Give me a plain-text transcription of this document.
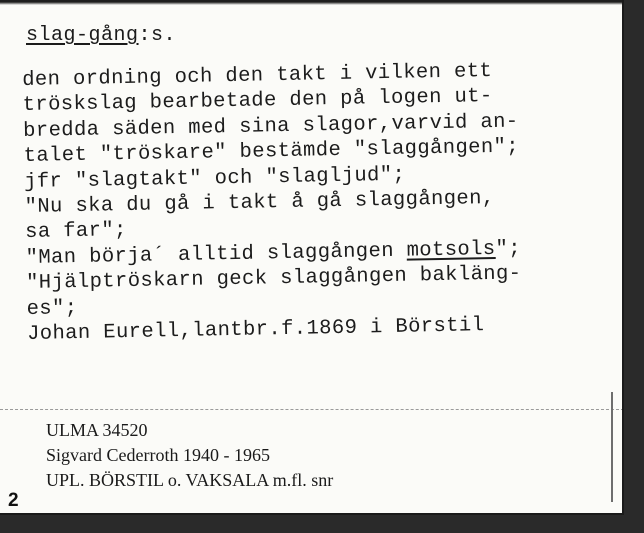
slag-gång:s.
den ordning och den takt i vilken ett
tröskslag bearbetade den på logen ut-
bredda säden med sina slagor,varvid an-
talet "tröskare" bestämde "slaggången";
jfr "slagtakt" och "slagljud";
"Nu ska du gå i takt å gå slaggången,
sa far";
"Man börja´ alltid slaggången motsols";
"Hjälptröskarn geck slaggången bakläng-
es";
Johan Eurell,lantbr.f.1869 i Börstil
ULMA 34520
Sigvard Cederroth 1940 - 1965
UPL. BÖRSTIL o. VAKSALA m.fl. snr
2
